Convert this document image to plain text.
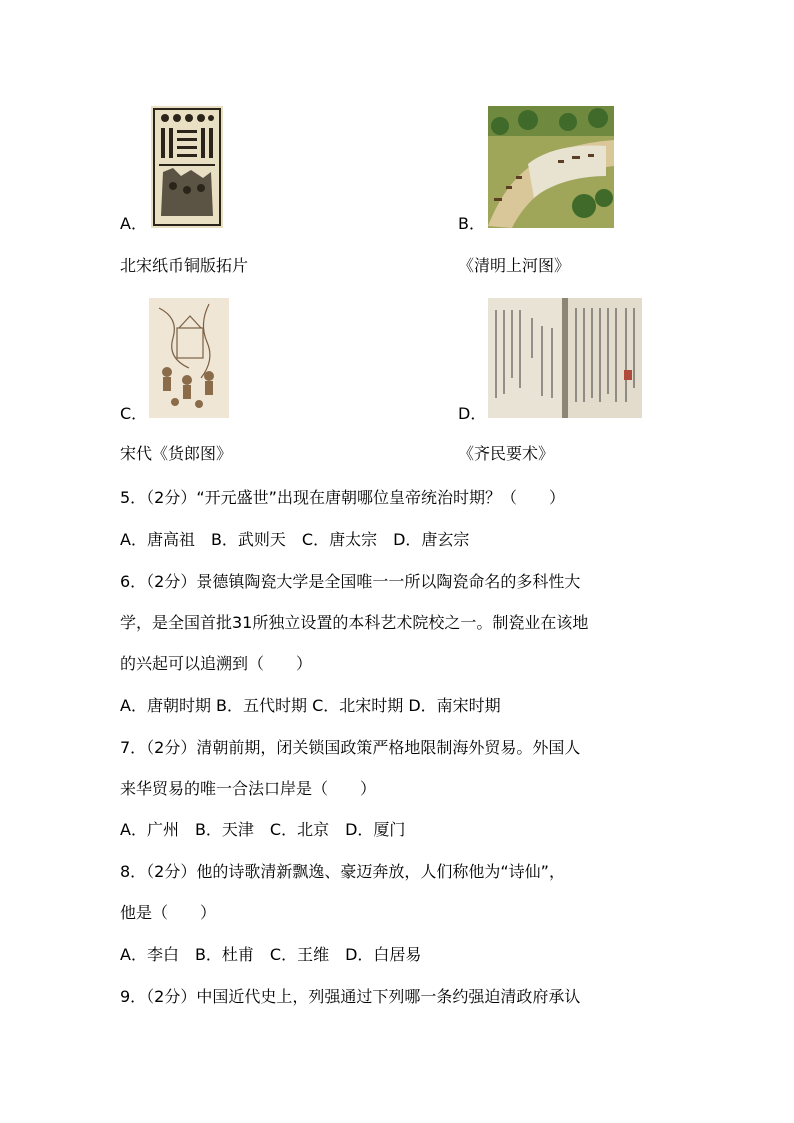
A．
北宋纸币铜版拓片
B．
《清明上河图》
C．
宋代《货郎图》
D．
《齐民要术》
5．（2分）“开元盛世”出现在唐朝哪位皇帝统治时期？（　　）
A．唐高祖　B．武则天　C．唐太宗　D．唐玄宗
6．（2分）景德镇陶瓷大学是全国唯一一所以陶瓷命名的多科性大
学，是全国首批31所独立设置的本科艺术院校之一。制瓷业在该地
的兴起可以追溯到（　　）
A．唐朝时期 B．五代时期 C．北宋时期 D．南宋时期
7．（2分）清朝前期，闭关锁国政策严格地限制海外贸易。外国人
来华贸易的唯一合法口岸是（　　）
A．广州　B．天津　C．北京　D．厦门
8．（2分）他的诗歌清新飘逸、豪迈奔放，人们称他为“诗仙”，
他是（　　）
A．李白　B．杜甫　C．王维　D．白居易
9．（2分）中国近代史上，列强通过下列哪一条约强迫清政府承认
